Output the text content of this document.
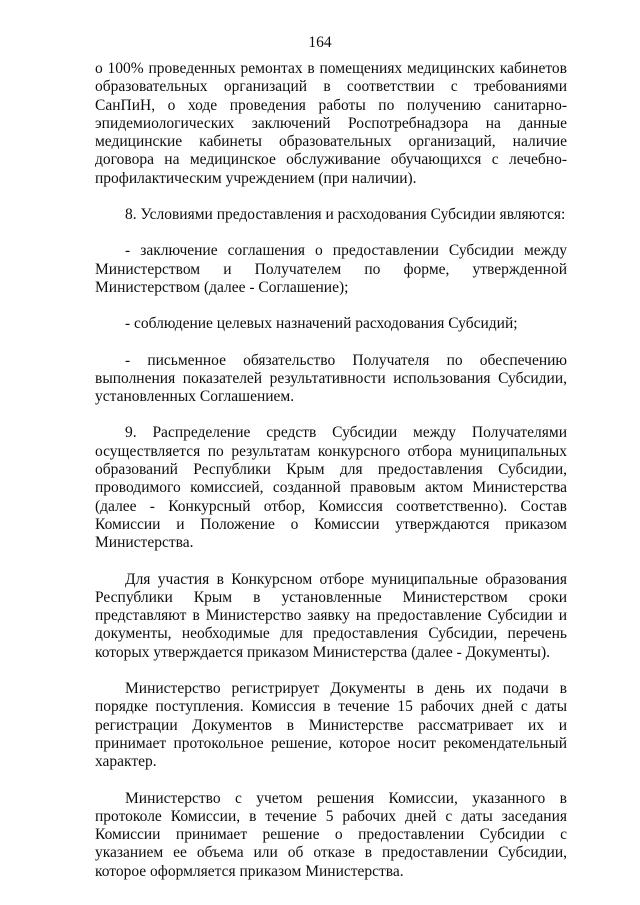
164

о 100% проведенных ремонтах в помещениях медицинских кабинетов образовательных организаций в соответствии с требованиями СанПиН, о ходе проведения работы по получению санитарно-эпидемиологических заключений Роспотребнадзора на данные медицинские кабинеты образовательных организаций, наличие договора на медицинское обслуживание обучающихся с лечебно-профилактическим учреждением (при наличии).

8. Условиями предоставления и расходования Субсидии являются:

- заключение соглашения о предоставлении Субсидии между Министерством и Получателем по форме, утвержденной Министерством (далее - Соглашение);

- соблюдение целевых назначений расходования Субсидий;

- письменное обязательство Получателя по обеспечению выполнения показателей результативности использования Субсидии, установленных Соглашением.

9. Распределение средств Субсидии между Получателями осуществляется по результатам конкурсного отбора муниципальных образований Республики Крым для предоставления Субсидии, проводимого комиссией, созданной правовым актом Министерства (далее - Конкурсный отбор, Комиссия соответственно). Состав Комиссии и Положение о Комиссии утверждаются приказом Министерства.

Для участия в Конкурсном отборе муниципальные образования Республики Крым в установленные Министерством сроки представляют в Министерство заявку на предоставление Субсидии и документы, необходимые для предоставления Субсидии, перечень которых утверждается приказом Министерства (далее - Документы).

Министерство регистрирует Документы в день их подачи в порядке поступления. Комиссия в течение 15 рабочих дней с даты регистрации Документов в Министерстве рассматривает их и принимает протокольное решение, которое носит рекомендательный характер.

Министерство с учетом решения Комиссии, указанного в протоколе Комиссии, в течение 5 рабочих дней с даты заседания Комиссии принимает решение о предоставлении Субсидии с указанием ее объема или об отказе в предоставлении Субсидии, которое оформляется приказом Министерства.
